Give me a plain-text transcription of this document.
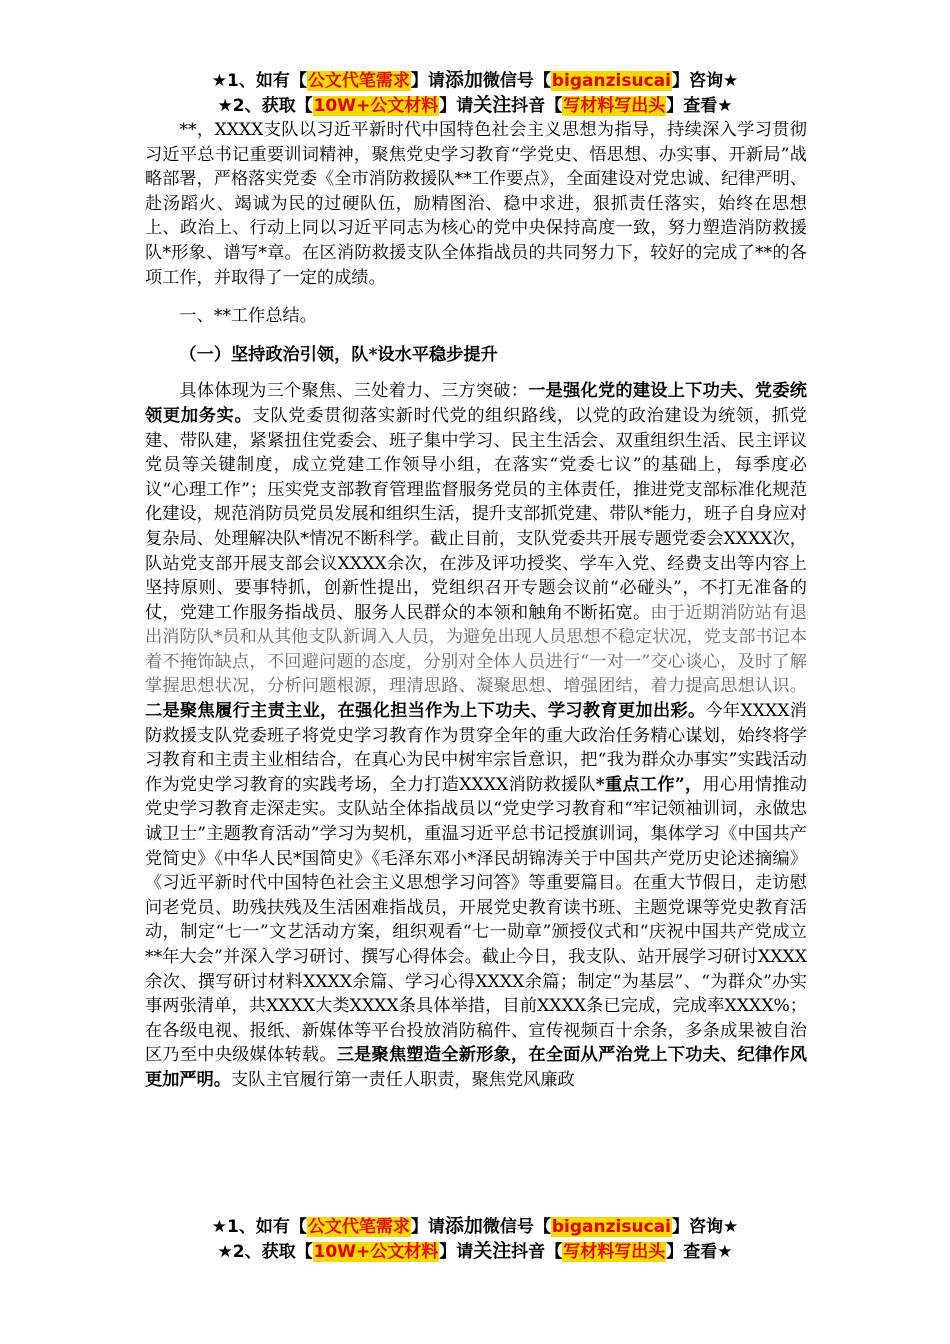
★1、如有【公文代笔需求】请添加微信号【biganzisucai】咨询★
★2、获取【10W+公文材料】请关注抖音【写材料写出头】查看★

**，XXXX支队以习近平新时代中国特色社会主义思想为指导，持续深入学习贯彻习近平总书记重要训词精神，聚焦党史学习教育“学党史、悟思想、办实事、开新局”战略部署，严格落实党委《全市消防救援队**工作要点》，全面建设对党忠诚、纪律严明、赴汤蹈火、竭诚为民的过硬队伍，励精图治、稳中求进，狠抓责任落实，始终在思想上、政治上、行动上同以习近平同志为核心的党中央保持高度一致，努力塑造消防救援队*形象、谱写*章。在区消防救援支队全体指战员的共同努力下，较好的完成了**的各项工作，并取得了一定的成绩。

一、**工作总结。

（一）坚持政治引领，队*设水平稳步提升

具体体现为三个聚焦、三处着力、三方突破：一是强化党的建设上下功夫、党委统领更加务实。支队党委贯彻落实新时代党的组织路线，以党的政治建设为统领，抓党建、带队建，紧紧扭住党委会、班子集中学习、民主生活会、双重组织生活、民主评议党员等关键制度，成立党建工作领导小组，在落实“党委七议”的基础上，每季度必议“心理工作”；压实党支部教育管理监督服务党员的主体责任，推进党支部标准化规范化建设，规范消防员党员发展和组织生活，提升支部抓党建、带队*能力，班子自身应对复杂局、处理解决队*情况不断科学。截止目前，支队党委共开展专题党委会XXXX次，队站党支部开展支部会议XXXX余次，在涉及评功授奖、学车入党、经费支出等内容上坚持原则、要事特抓，创新性提出，党组织召开专题会议前“必碰头”，不打无准备的仗，党建工作服务指战员、服务人民群众的本领和触角不断拓宽。由于近期消防站有退出消防队*员和从其他支队新调入人员，为避免出现人员思想不稳定状况，党支部书记本着不掩饰缺点，不回避问题的态度，分别对全体人员进行“一对一”交心谈心，及时了解掌握思想状况，分析问题根源，理清思路、凝聚思想、增强团结，着力提高思想认识。二是聚焦履行主责主业，在强化担当作为上下功夫、学习教育更加出彩。今年XXXX消防救援支队党委班子将党史学习教育作为贯穿全年的重大政治任务精心谋划，始终将学习教育和主责主业相结合，在真心为民中树牢宗旨意识，把“我为群众办事实”实践活动作为党史学习教育的实践考场，全力打造XXXX消防救援队*重点工作”，用心用情推动党史学习教育走深走实。支队站全体指战员以“党史学习教育和“牢记领袖训词，永做忠诚卫士”主题教育活动”学习为契机，重温习近平总书记授旗训词，集体学习《中国共产党简史》《中华人民*国简史》《毛泽东邓小*泽民胡锦涛关于中国共产党历史论述摘编》《习近平新时代中国特色社会主义思想学习问答》等重要篇目。在重大节假日，走访慰问老党员、助残扶残及生活困难指战员，开展党史教育读书班、主题党课等党史教育活动，制定“七一”文艺活动方案，组织观看“七一勋章”颁授仪式和“庆祝中国共产党成立**年大会”并深入学习研讨、撰写心得体会。截止今日，我支队、站开展学习研讨XXXX余次、撰写研讨材料XXXX余篇、学习心得XXXX余篇；制定“为基层”、“为群众”办实事两张清单，共XXXX大类XXXX条具体举措，目前XXXX条已完成，完成率XXXX%；在各级电视、报纸、新媒体等平台投放消防稿件、宣传视频百十余条，多条成果被自治区乃至中央级媒体转载。三是聚焦塑造全新形象，在全面从严治党上下功夫、纪律作风更加严明。支队主官履行第一责任人职责，聚焦党风廉政

★1、如有【公文代笔需求】请添加微信号【biganzisucai】咨询★
★2、获取【10W+公文材料】请关注抖音【写材料写出头】查看★
